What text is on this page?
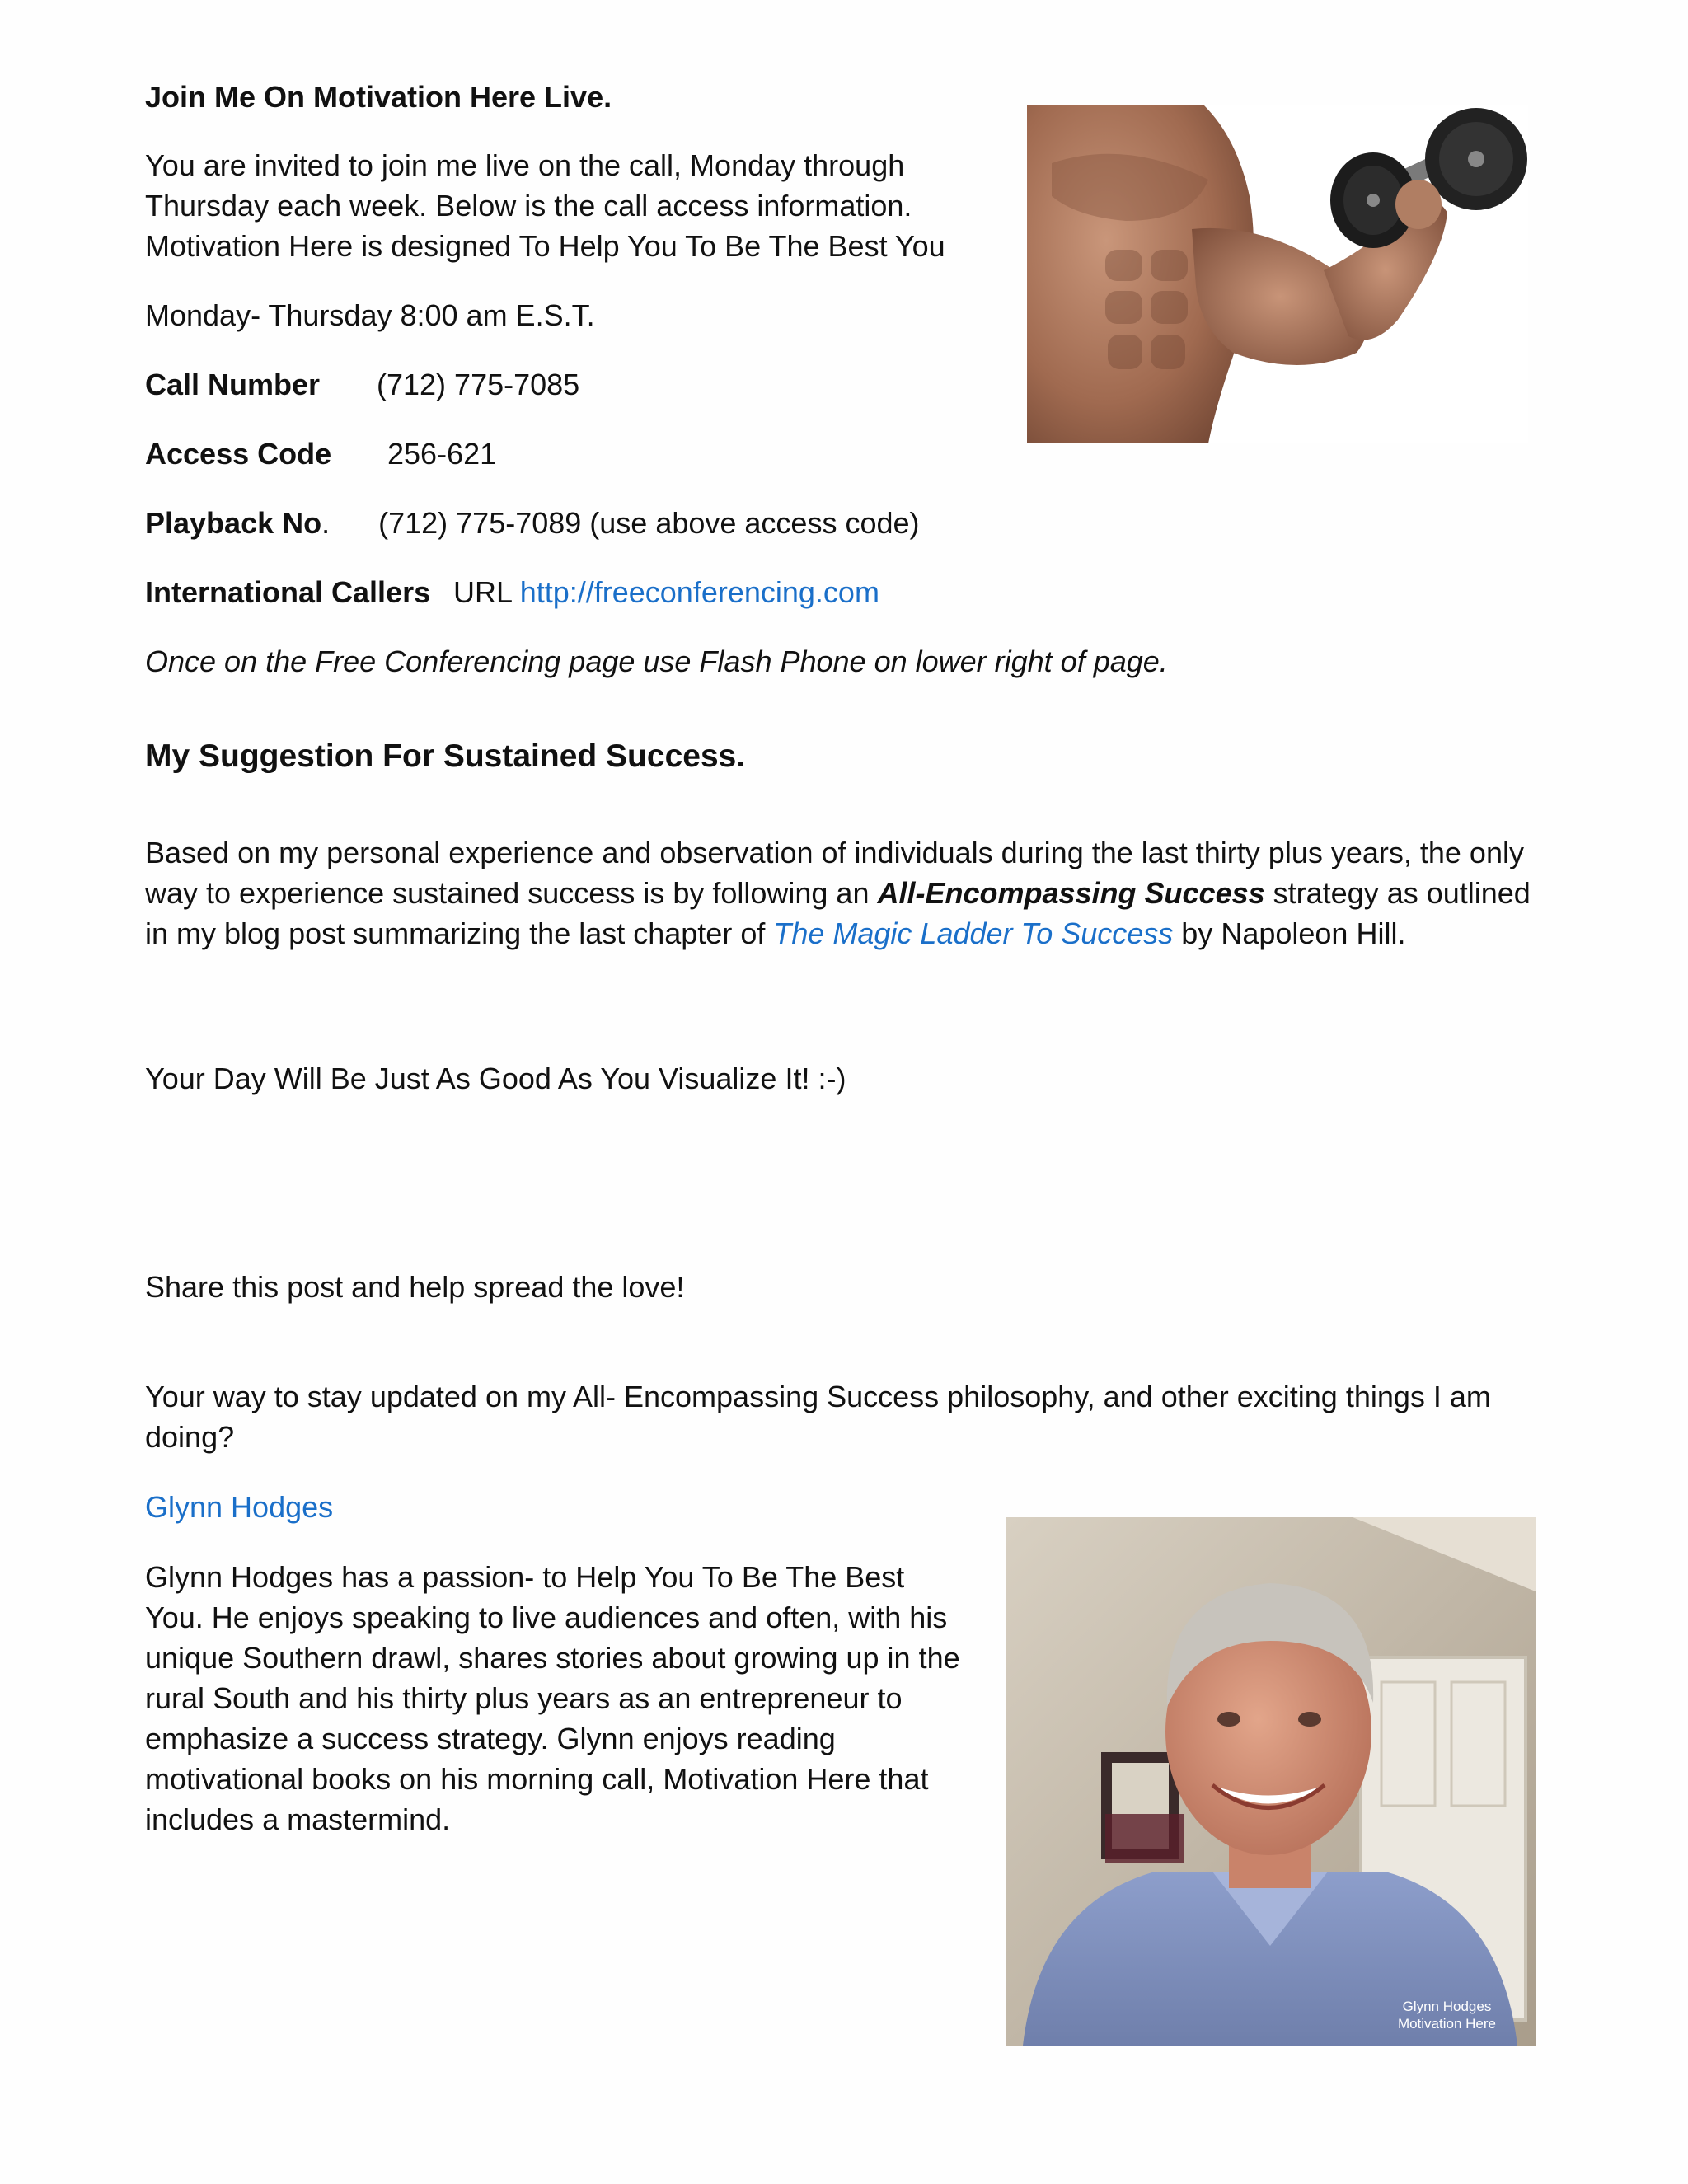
Join Me On Motivation Here Live.

You are invited to join me live on the call, Monday through

Thursday each week. Below is the call access information.

Motivation Here is designed To Help You To Be The Best You

Monday- Thursday 8:00 am E.S.T.

Call Number (712) 775-7085

Access Code 256-621

Playback No. (712) 775-7089 (use above access code)

International Callers URL http://freeconferencing.com

Once on the Free Conferencing page use Flash Phone on lower right of page.

My Suggestion For Sustained Success.

Based on my personal experience and observation of individuals during the last thirty plus years, the only

way to experience sustained success is by following an All-Encompassing Success strategy as outlined

in my blog post summarizing the last chapter of The Magic Ladder To Success by Napoleon Hill.

Your Day Will Be Just As Good As You Visualize It! :-)

Share this post and help spread the love!

Your way to stay updated on my All- Encompassing Success philosophy, and other exciting things I am

doing?

Glynn Hodges

Glynn Hodges has a passion- to Help You To Be The Best

You. He enjoys speaking to live audiences and often, with his

unique Southern drawl, shares stories about growing up in the

rural South and his thirty plus years as an entrepreneur to

emphasize a success strategy. Glynn enjoys reading

motivational books on his morning call, Motivation Here that

includes a mastermind.

Glynn Hodges
Motivation Here
